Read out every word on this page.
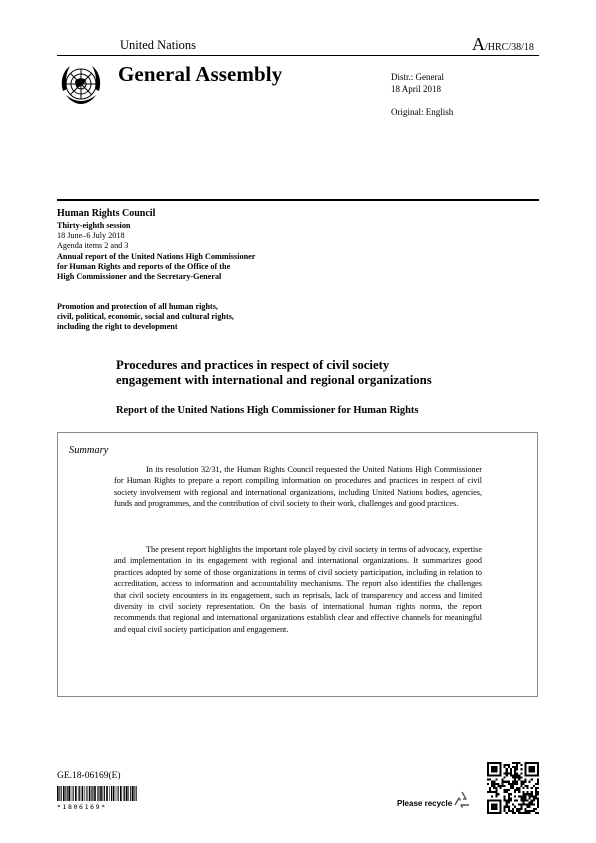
United Nations	A/HRC/38/18
General Assembly	Distr.: General
18 April 2018
Original: English
Human Rights Council
Thirty-eighth session
18 June–6 July 2018
Agenda items 2 and 3
Annual report of the United Nations High Commissioner
for Human Rights and reports of the Office of the
High Commissioner and the Secretary-General
Promotion and protection of all human rights,
civil, political, economic, social and cultural rights,
including the right to development
Procedures and practices in respect of civil society
engagement with international and regional organizations
Report of the United Nations High Commissioner for Human Rights
Summary

In its resolution 32/31, the Human Rights Council requested the United Nations High Commissioner for Human Rights to prepare a report compiling information on procedures and practices in respect of civil society involvement with regional and international organizations, including United Nations bodies, agencies, funds and programmes, and the contribution of civil society to their work, challenges and good practices.

The present report highlights the important role played by civil society in terms of advocacy, expertise and implementation in its engagement with regional and international organizations. It summarizes good practices adopted by some of those organizations in terms of civil society participation, including in relation to accreditation, access to information and accountability mechanisms. The report also identifies the challenges that civil society encounters in its engagement, such as reprisals, lack of transparency and access and limited diversity in civil society representation. On the basis of international human rights norms, the report recommends that regional and international organizations establish clear and effective channels for meaningful and equal civil society participation and engagement.

GE.18-06169(E)
*1806169*	Please recycle
